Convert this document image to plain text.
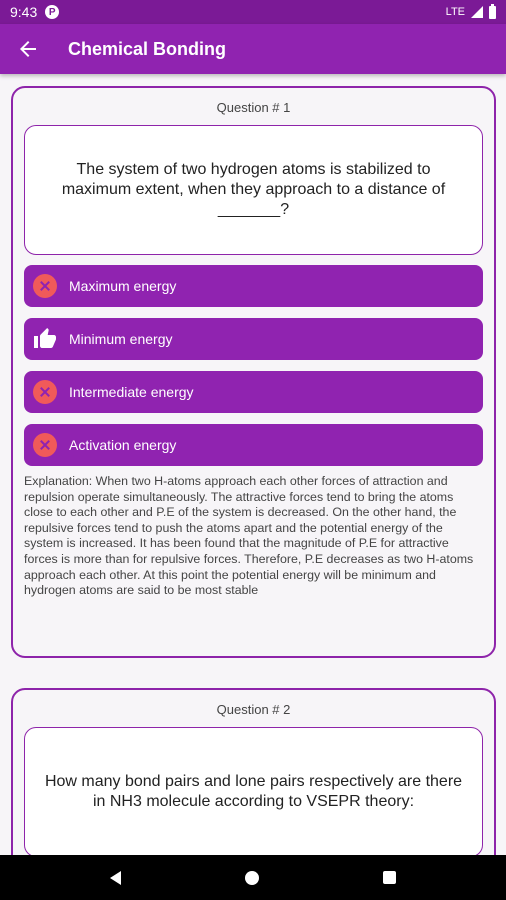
9:43	P	LTE
Chemical Bonding
Question # 1
The system of two hydrogen atoms is stabilized to maximum extent, when they approach to a distance of _______?
Maximum energy
Minimum energy
Intermediate energy
Activation energy
Explanation: When two H-atoms approach each other forces of attraction and repulsion operate simultaneously. The attractive forces tend to bring the atoms close to each other and P.E of the system is decreased. On the other hand, the repulsive forces tend to push the atoms apart and the potential energy of the system is increased. It has been found that the magnitude of P.E for attractive forces is more than for repulsive forces. Therefore, P.E decreases as two H-atoms approach each other. At this point the potential energy will be minimum and hydrogen atoms are said to be most stable
Question # 2
How many bond pairs and lone pairs respectively are there in NH3 molecule according to VSEPR theory:
